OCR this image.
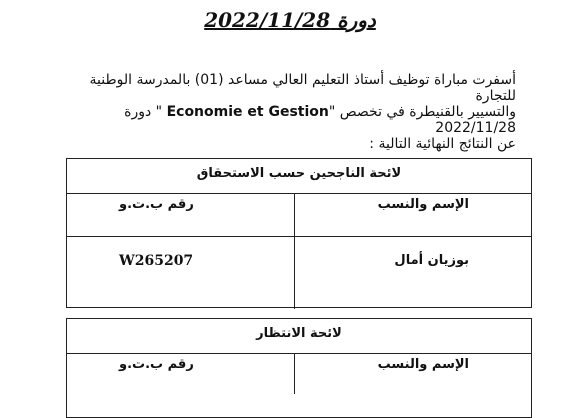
دورة 2022/11/28
أسفرت مباراة توظيف أستاذ التعليم العالي مساعد (01) بالمدرسة الوطنية للتجارة
والتسيير بالقنيطرة في تخصص "Economie et Gestion " دورة 2022/11/28
عن النتائج النهائية التالية :
لائحة الناجحين حسب الاستحقاق
الإسم والنسب
رقم ب.ت.و
بوزيان أمال
W265207
لائحة الانتظار
الإسم والنسب
رقم ب.ت.و
